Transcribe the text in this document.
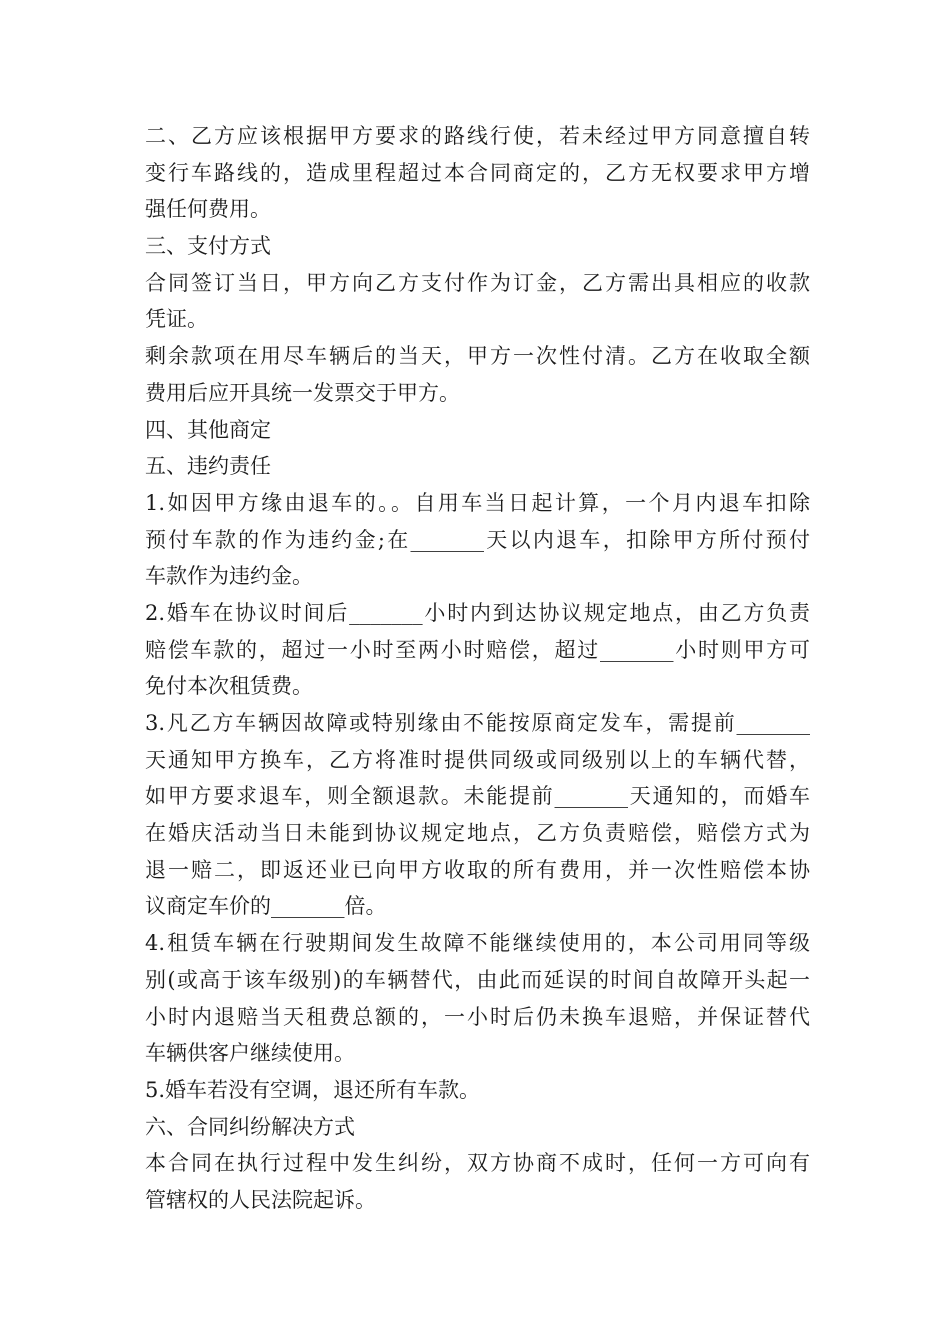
二、乙方应该根据甲方要求的路线行使，若未经过甲方同意擅自转
变行车路线的，造成里程超过本合同商定的，乙方无权要求甲方增
强任何费用。
三、支付方式
合同签订当日，甲方向乙方支付作为订金，乙方需出具相应的收款
凭证。
剩余款项在用尽车辆后的当天，甲方一次性付清。乙方在收取全额
费用后应开具统一发票交于甲方。
四、其他商定
五、违约责任
1.如因甲方缘由退车的。。自用车当日起计算，一个月内退车扣除
预付车款的作为违约金;在_______天以内退车，扣除甲方所付预付
车款作为违约金。
2.婚车在协议时间后_______小时内到达协议规定地点，由乙方负责
赔偿车款的，超过一小时至两小时赔偿，超过_______小时则甲方可
免付本次租赁费。
3.凡乙方车辆因故障或特别缘由不能按原商定发车，需提前_______
天通知甲方换车，乙方将准时提供同级或同级别以上的车辆代替，
如甲方要求退车，则全额退款。未能提前_______天通知的，而婚车
在婚庆活动当日未能到协议规定地点，乙方负责赔偿，赔偿方式为
退一赔二，即返还业已向甲方收取的所有费用，并一次性赔偿本协
议商定车价的_______倍。
4.租赁车辆在行驶期间发生故障不能继续使用的，本公司用同等级
别(或高于该车级别)的车辆替代，由此而延误的时间自故障开头起一
小时内退赔当天租费总额的，一小时后仍未换车退赔，并保证替代
车辆供客户继续使用。
5.婚车若没有空调，退还所有车款。
六、合同纠纷解决方式
本合同在执行过程中发生纠纷，双方协商不成时，任何一方可向有
管辖权的人民法院起诉。
